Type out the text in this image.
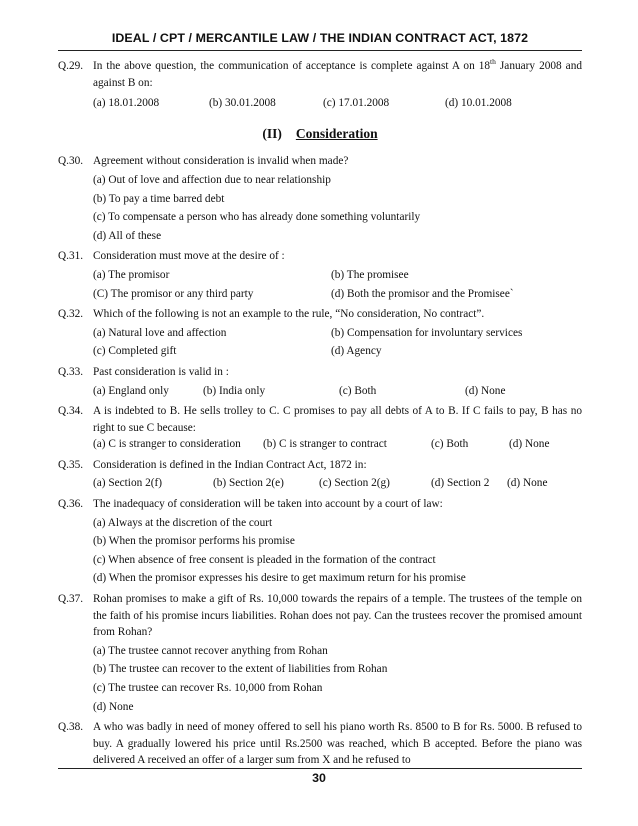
IDEAL / CPT / MERCANTILE LAW / THE INDIAN CONTRACT ACT, 1872
Q.29. In the above question, the communication of acceptance is complete against A on 18th January 2008 and against B on:
(a) 18.01.2008	(b) 30.01.2008	(c) 17.01.2008	(d) 10.01.2008
(II) Consideration
Q.30. Agreement without consideration is invalid when made?
(a) Out of love and affection due to near relationship
(b) To pay a time barred debt
(c) To compensate a person who has already done something voluntarily
(d) All of these
Q.31. Consideration must move at the desire of :
(a) The promisor	(b) The promisee
(C) The promisor or any third party	(d) Both the promisor and the Promisee`
Q.32. Which of the following is not an example to the rule, “No consideration, No contract”.
(a) Natural love and affection	(b) Compensation for involuntary services
(c) Completed gift	(d) Agency
Q.33. Past consideration is valid in :
(a) England only	(b) India only	(c) Both	(d) None
Q.34. A is indebted to B. He sells trolley to C. C promises to pay all debts of A to B. If C fails to pay, B has no right to sue C because:
(a) C is stranger to consideration	(b) C is stranger to contract	(c) Both	(d) None
Q.35. Consideration is defined in the Indian Contract Act, 1872 in:
(a) Section 2(f)	(b) Section 2(e)	(c) Section 2(g)	(d) Section 2	(d) None
Q.36. The inadequacy of consideration will be taken into account by a court of law:
(a) Always at the discretion of the court
(b) When the promisor performs his promise
(c) When absence of free consent is pleaded in the formation of the contract
(d) When the promisor expresses his desire to get maximum return for his promise
Q.37. Rohan promises to make a gift of Rs. 10,000 towards the repairs of a temple. The trustees of the temple on the faith of his promise incurs liabilities. Rohan does not pay. Can the trustees recover the promised amount from Rohan?
(a) The trustee cannot recover anything from Rohan
(b) The trustee can recover to the extent of liabilities from Rohan
(c) The trustee can recover Rs. 10,000 from Rohan
(d) None
Q.38. A who was badly in need of money offered to sell his piano worth Rs. 8500 to B for Rs. 5000. B refused to buy. A gradually lowered his price until Rs.2500 was reached, which B accepted. Before the piano was delivered A received an offer of a larger sum from X and he refused to
30
